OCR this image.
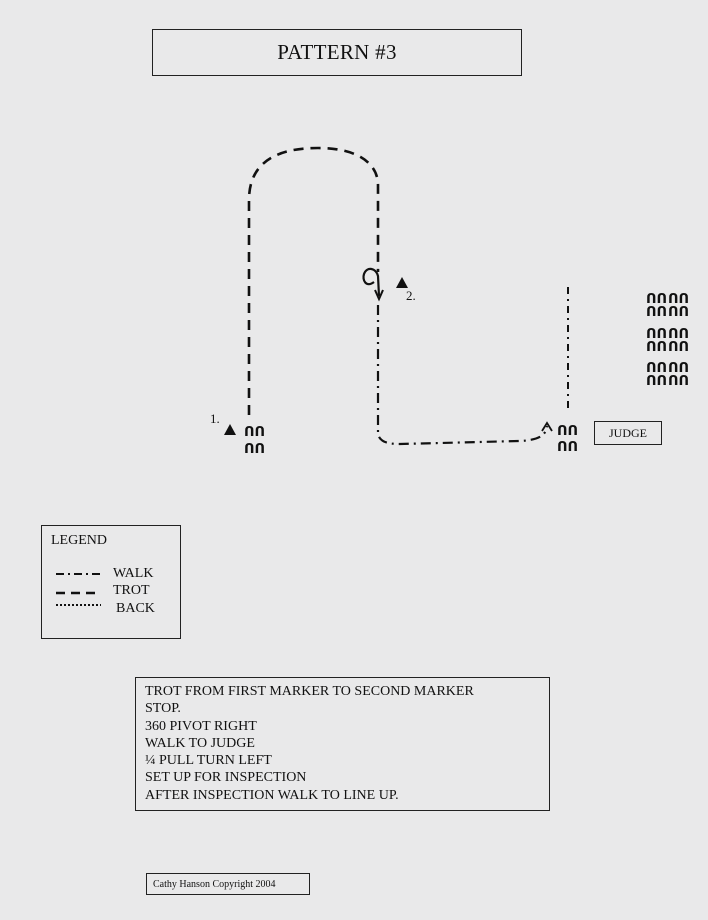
PATTERN #3
1.
2.
ᑎᑎ
ᑎᑎ
ᑎᑎ
ᑎᑎ
ᑎᑎ ᑎᑎ
ᑎᑎ ᑎᑎ
ᑎᑎ ᑎᑎ
ᑎᑎ ᑎᑎ
ᑎᑎ ᑎᑎ
ᑎᑎ ᑎᑎ
JUDGE
LEGEND
WALK
TROT
BACK
TROT FROM FIRST MARKER TO SECOND MARKER
STOP.
360 PIVOT RIGHT
WALK TO JUDGE
¼ PULL TURN LEFT
SET UP FOR INSPECTION
AFTER INSPECTION WALK TO LINE UP.
Cathy Hanson Copyright 2004
